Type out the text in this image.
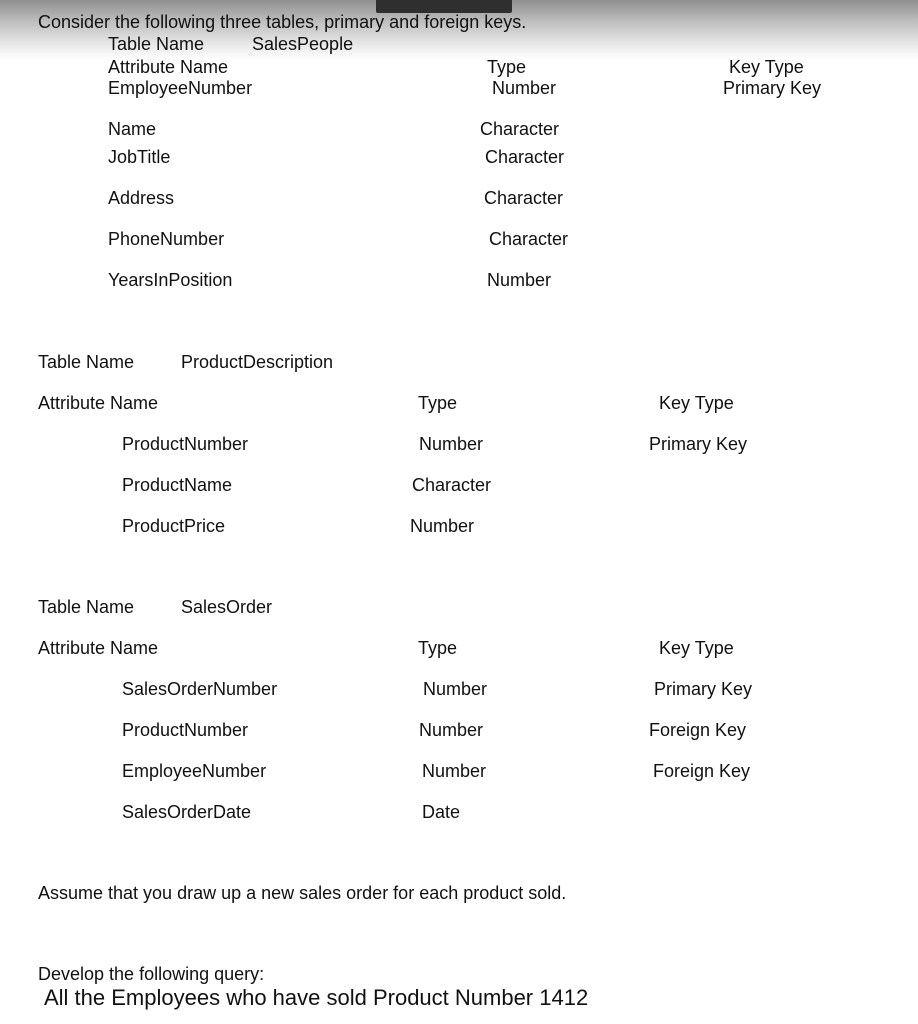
Consider the following three tables, primary and foreign keys.
Table Name	SalesPeople
Attribute Name	Type	Key Type
EmployeeNumber	Number	Primary Key
Name	Character
JobTitle	Character
Address	Character
PhoneNumber	Character
YearsInPosition	Number
Table Name	ProductDescription
Attribute Name	Type	Key Type
ProductNumber	Number	Primary Key
ProductName	Character
ProductPrice	Number
Table Name	SalesOrder
Attribute Name	Type	Key Type
SalesOrderNumber	Number	Primary Key
ProductNumber	Number	Foreign Key
EmployeeNumber	Number	Foreign Key
SalesOrderDate	Date
Assume that you draw up a new sales order for each product sold.
Develop the following query:
All the Employees who have sold Product Number 1412
